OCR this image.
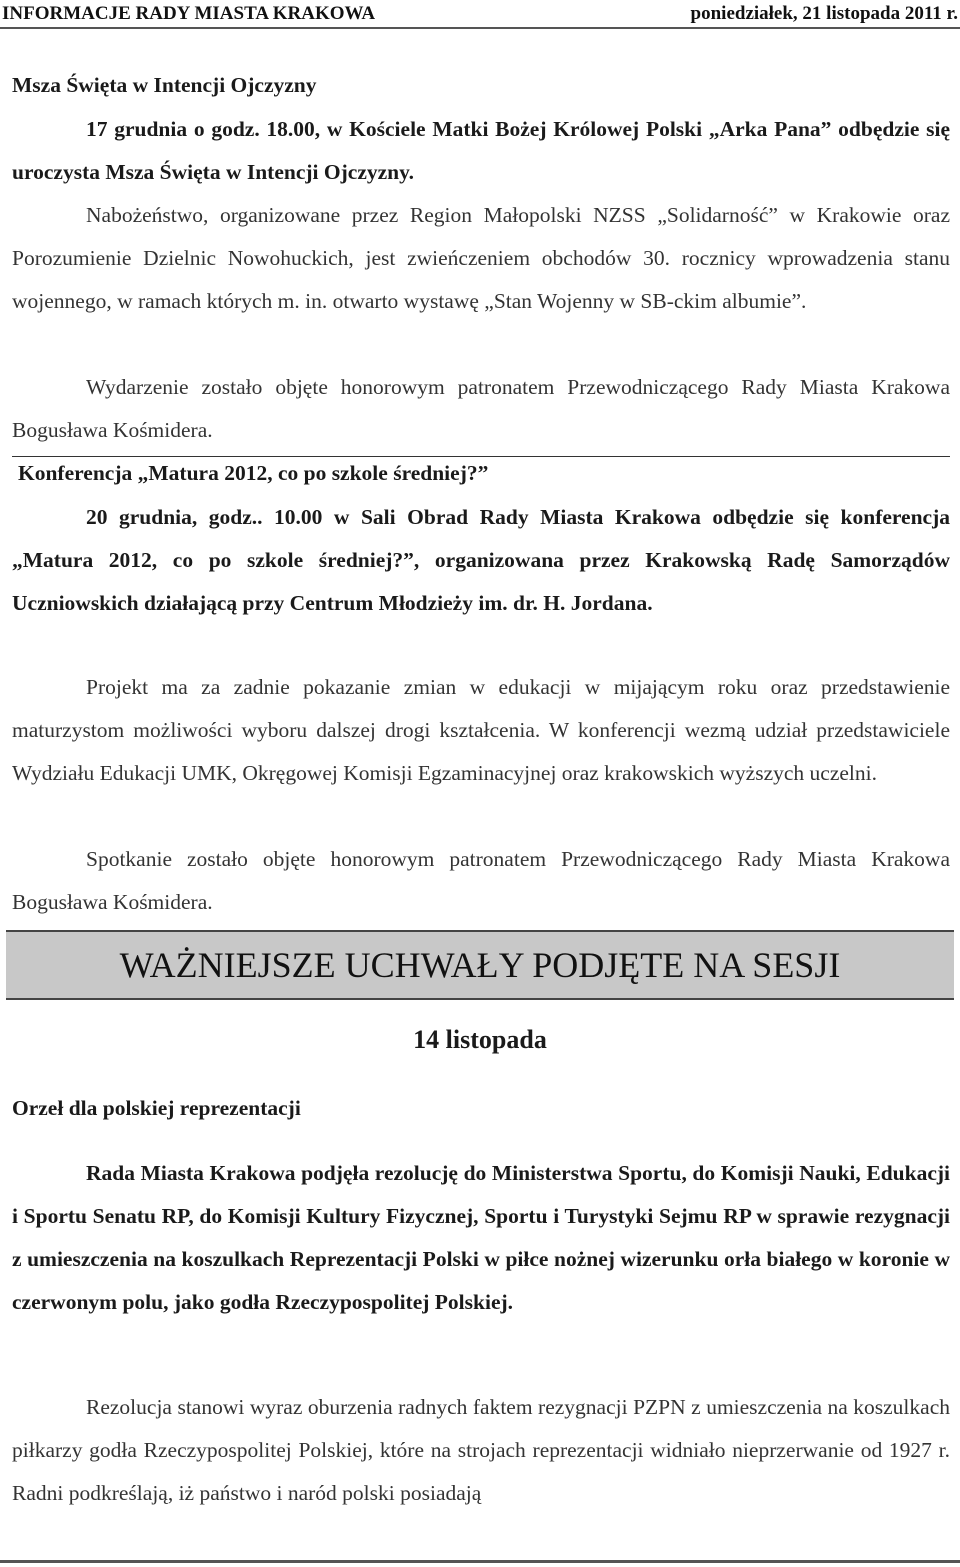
INFORMACJE RADY MIASTA KRAKOWA	poniedziałek, 21 listopada 2011 r.

Msza Święta w Intencji Ojczyzny

17 grudnia o godz. 18.00, w Kościele Matki Bożej Królowej Polski „Arka Pana” odbędzie się uroczysta Msza Święta w Intencji Ojczyzny.

Nabożeństwo, organizowane przez Region Małopolski NZSS „Solidarność” w Krakowie oraz Porozumienie Dzielnic Nowohuckich, jest zwieńczeniem obchodów 30. rocznicy wprowadzenia stanu wojennego, w ramach których m. in. otwarto wystawę „Stan Wojenny w SB-ckim albumie”.

Wydarzenie zostało objęte honorowym patronatem Przewodniczącego Rady Miasta Krakowa Bogusława Kośmidera.

Konferencja „Matura 2012, co po szkole średniej?”

20 grudnia, godz.. 10.00 w Sali Obrad Rady Miasta Krakowa odbędzie się konferencja „Matura 2012, co po szkole średniej?”, organizowana przez Krakowską Radę Samorządów Uczniowskich działającą przy Centrum Młodzieży im. dr. H. Jordana.

Projekt ma za zadnie pokazanie zmian w edukacji w mijającym roku oraz przedstawienie maturzystom możliwości wyboru dalszej drogi kształcenia. W konferencji wezmą udział przedstawiciele Wydziału Edukacji UMK, Okręgowej Komisji Egzaminacyjnej oraz krakowskich wyższych uczelni.

Spotkanie zostało objęte honorowym patronatem Przewodniczącego Rady Miasta Krakowa Bogusława Kośmidera.

WAŻNIEJSZE UCHWAŁY PODJĘTE NA SESJI
14 listopada

Orzeł dla polskiej reprezentacji

Rada Miasta Krakowa podjęła rezolucję do Ministerstwa Sportu, do Komisji Nauki, Edukacji i Sportu Senatu RP, do Komisji Kultury Fizycznej, Sportu i Turystyki Sejmu RP w sprawie rezygnacji z umieszczenia na koszulkach Reprezentacji Polski w piłce nożnej wizerunku orła białego w koronie w czerwonym polu, jako godła Rzeczypospolitej Polskiej.

Rezolucja stanowi wyraz oburzenia radnych faktem rezygnacji PZPN z umieszczenia na koszulkach piłkarzy godła Rzeczypospolitej Polskiej, które na strojach reprezentacji widniało nieprzerwanie od 1927 r. Radni podkreślają, iż państwo i naród polski posiadają
